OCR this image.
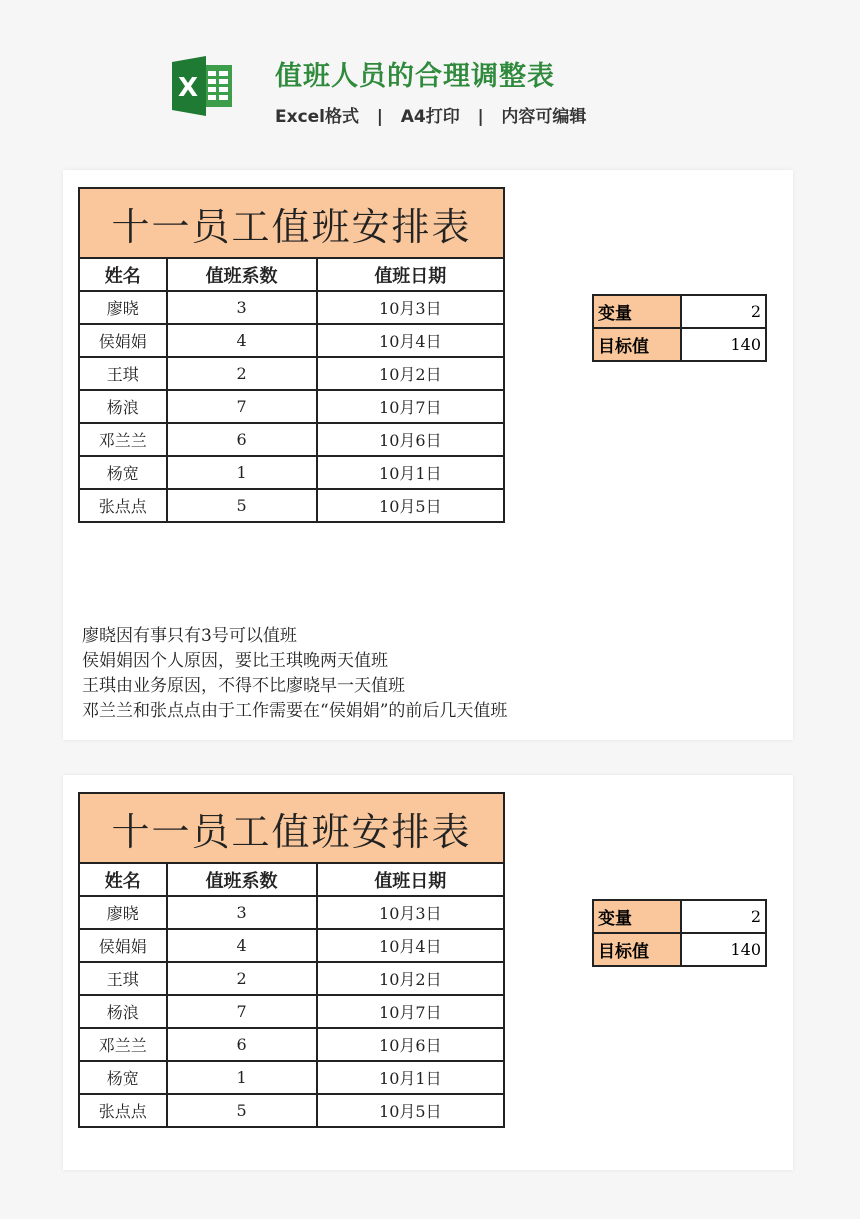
X	值班人员的合理调整表
Excel格式   |   A4打印   |   内容可编辑
十一员工值班安排表		
姓名	值班系数	值班日期
廖晓	3	10月3日
侯娟娟	4	10月4日
王琪	2	10月2日
杨浪	7	10月7日
邓兰兰	6	10月6日
杨宽	1	10月1日
张点点	5	10月5日
变量	2
目标值	140
廖晓因有事只有3号可以值班
侯娟娟因个人原因，要比王琪晚两天值班
王琪由业务原因，不得不比廖晓早一天值班
邓兰兰和张点点由于工作需要在“侯娟娟”的前后几天值班
十一员工值班安排表		
姓名	值班系数	值班日期
廖晓	3	10月3日
侯娟娟	4	10月4日
王琪	2	10月2日
杨浪	7	10月7日
邓兰兰	6	10月6日
杨宽	1	10月1日
张点点	5	10月5日
变量	2
目标值	140
